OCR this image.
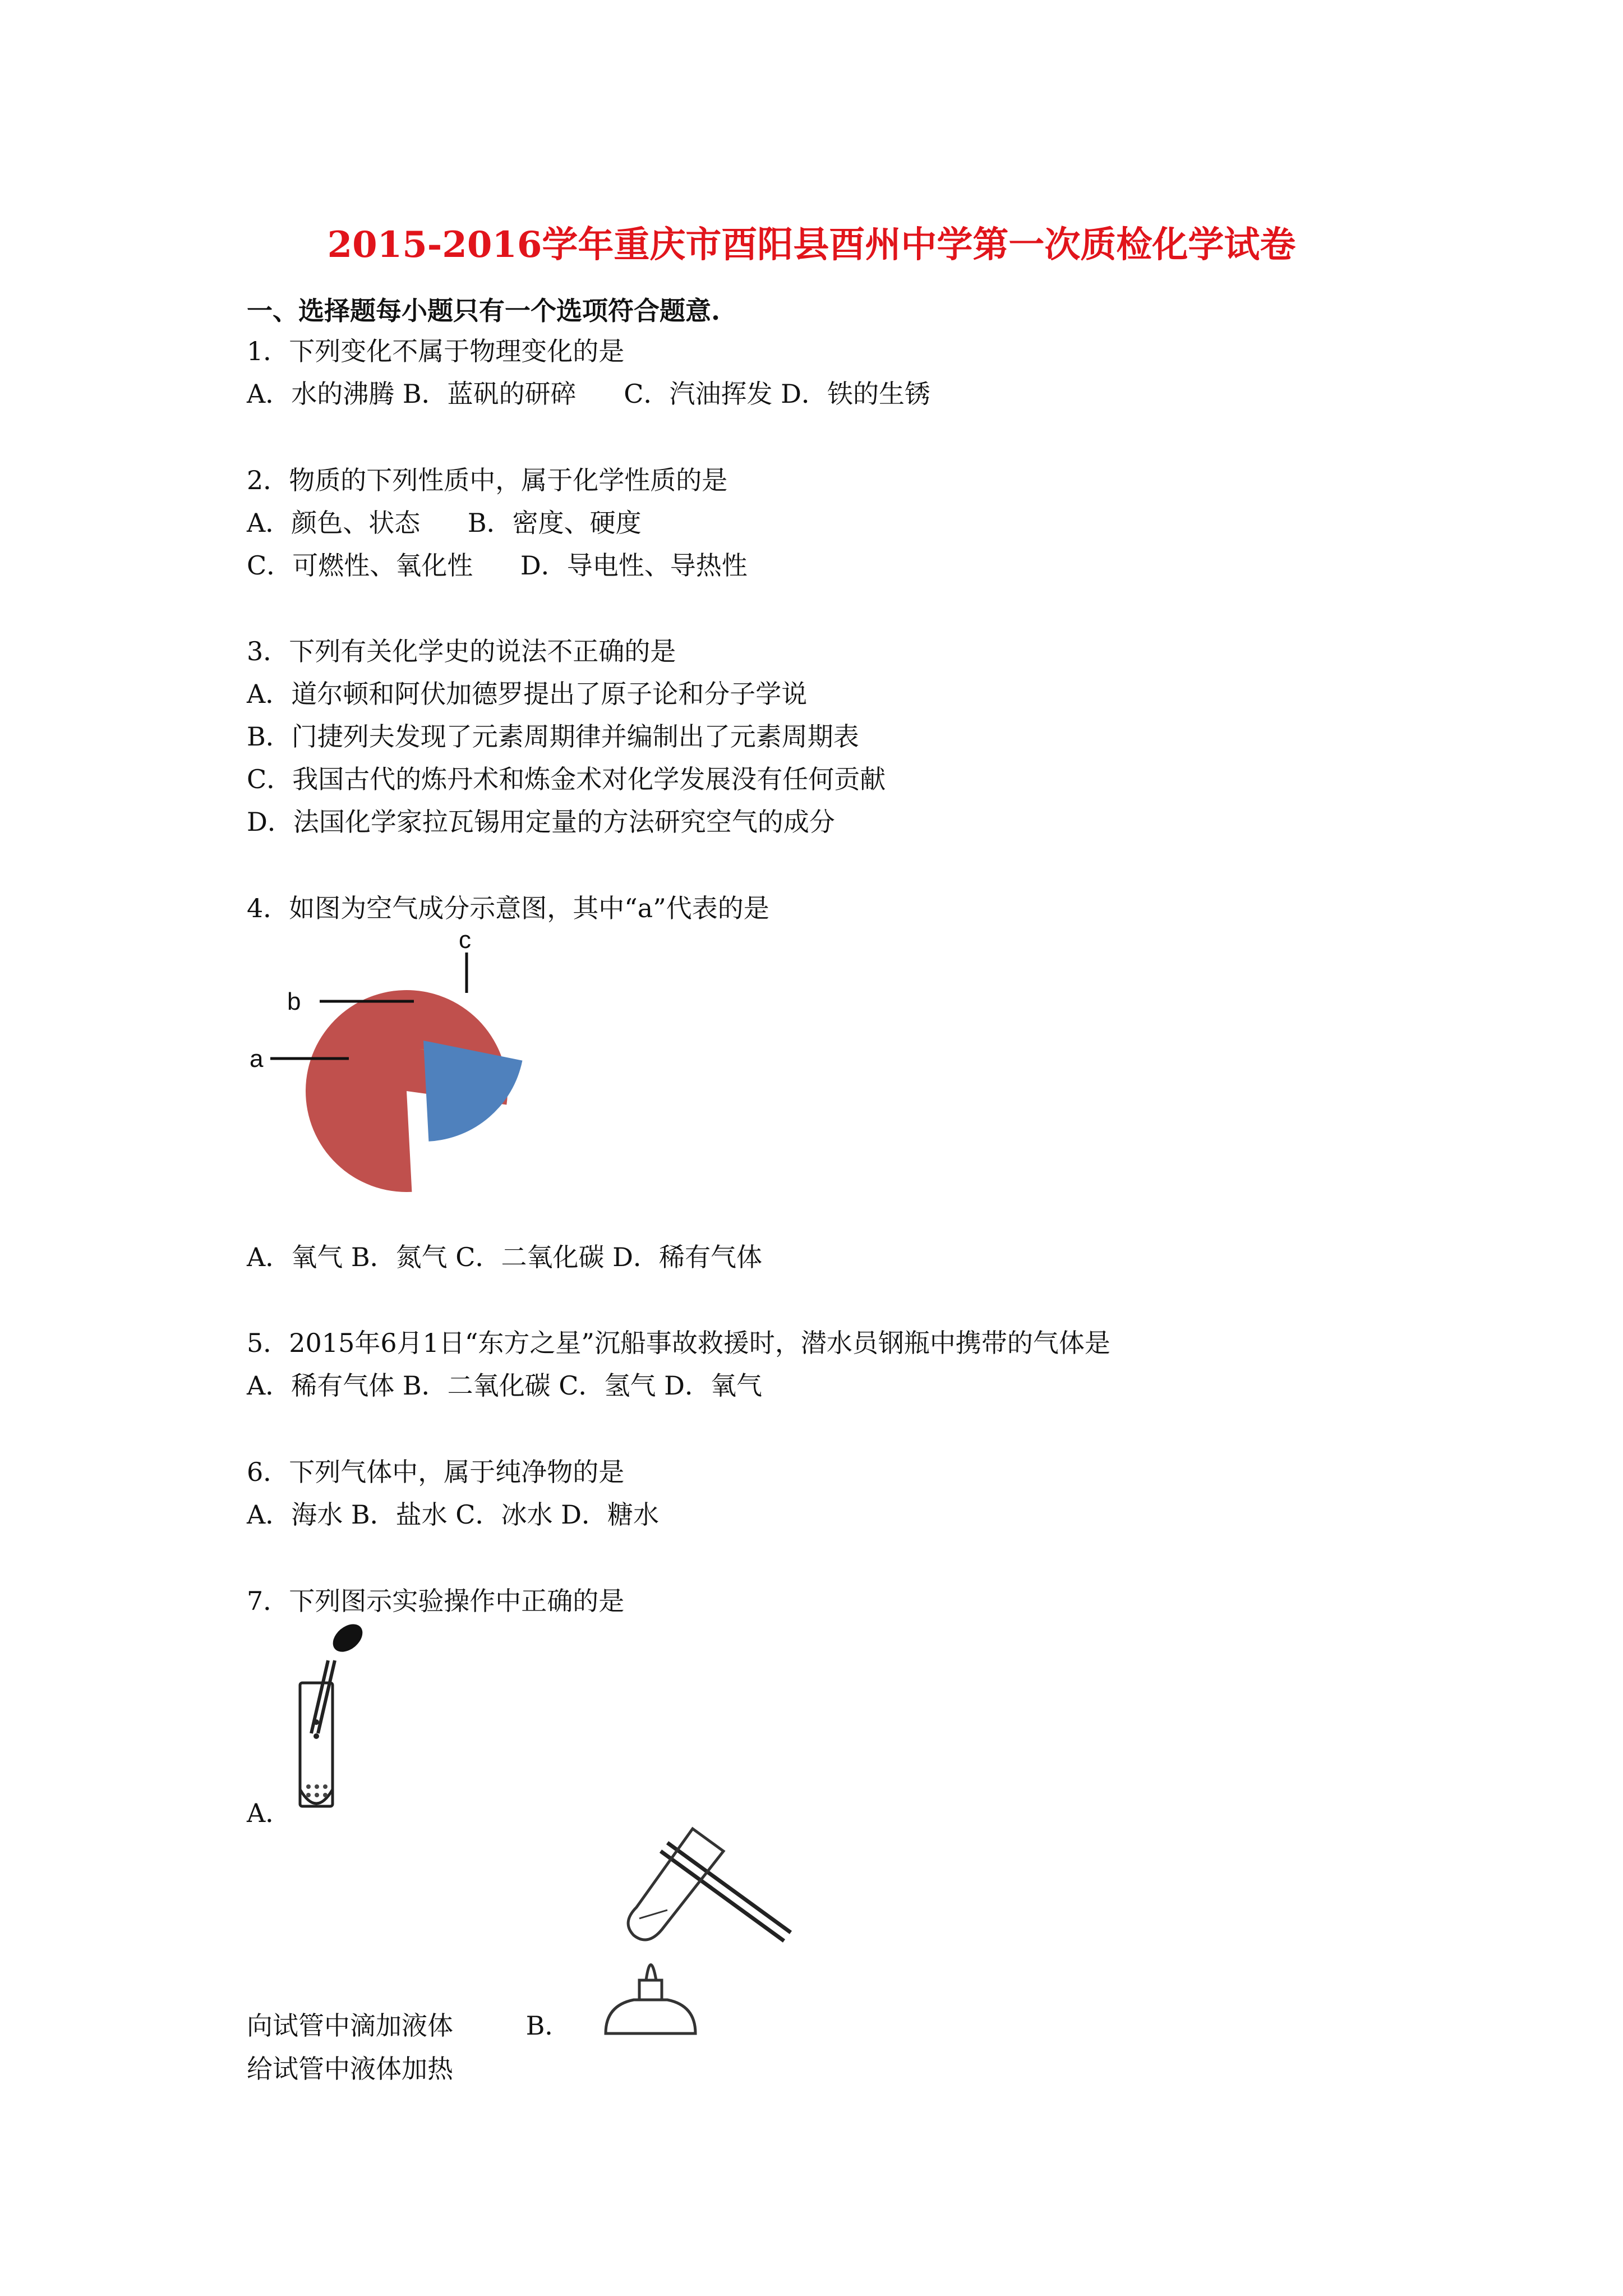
2015-2016学年重庆市酉阳县酉州中学第一次质检化学试卷
一、选择题每小题只有一个选项符合题意.
1．下列变化不属于物理变化的是
A．水的沸腾 B．蓝矾的研碎 C．汽油挥发 D．铁的生锈
2．物质的下列性质中，属于化学性质的是
A．颜色、状态 B．密度、硬度
C．可燃性、氧化性 D．导电性、导热性
3．下列有关化学史的说法不正确的是
A．道尔顿和阿伏加德罗提出了原子论和分子学说
B．门捷列夫发现了元素周期律并编制出了元素周期表
C．我国古代的炼丹术和炼金术对化学发展没有任何贡献
D．法国化学家拉瓦锡用定量的方法研究空气的成分
4．如图为空气成分示意图，其中“a”代表的是
a
b
c
A．氧气 B．氮气 C．二氧化碳 D．稀有气体
5．2015年6月1日“东方之星”沉船事故救援时，潜水员钢瓶中携带的气体是
A．稀有气体 B．二氧化碳 C．氢气 D．氧气
6．下列气体中，属于纯净物的是
A．海水 B．盐水 C．冰水 D．糖水
7．下列图示实验操作中正确的是
A．
向试管中滴加液体	B．
给试管中液体加热
